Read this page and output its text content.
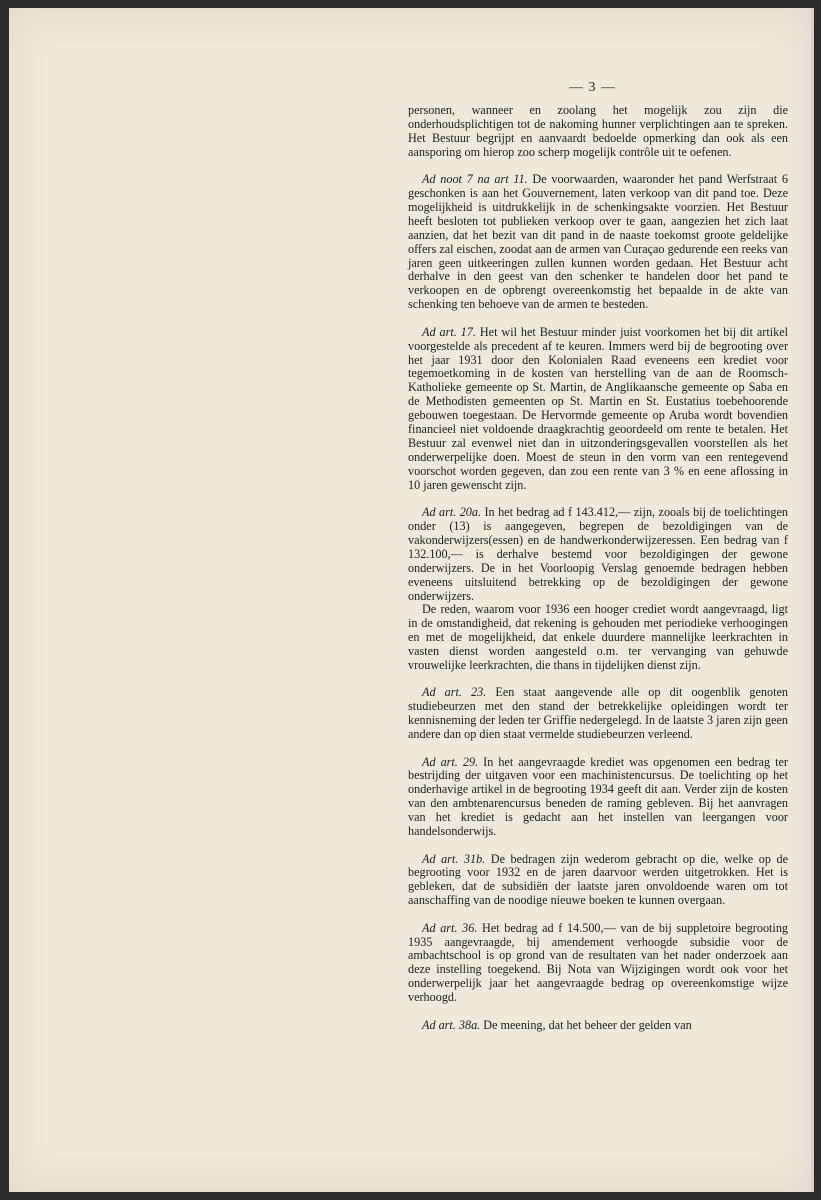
— 3 —

personen, wanneer en zoolang het mogelijk zou zijn die onderhoudsplichtigen tot de nakoming hunner verplichtingen aan te spreken. Het Bestuur begrijpt en aanvaardt bedoelde opmerking dan ook als een aansporing om hierop zoo scherp mogelijk contrôle uit te oefenen.

Ad noot 7 na art 11. De voorwaarden, waaronder het pand Werfstraat 6 geschonken is aan het Gouvernement, laten verkoop van dit pand toe. Deze mogelijkheid is uitdrukkelijk in de schenkingsakte voorzien. Het Bestuur heeft besloten tot publieken verkoop over te gaan, aangezien het zich laat aanzien, dat het bezit van dit pand in de naaste toekomst groote geldelijke offers zal eischen, zoodat aan de armen van Curaçao gedurende een reeks van jaren geen uitkeeringen zullen kunnen worden gedaan. Het Bestuur acht derhalve in den geest van den schenker te handelen door het pand te verkoopen en de opbrengt overeenkomstig het bepaalde in de akte van schenking ten behoeve van de armen te besteden.

Ad art. 17. Het wil het Bestuur minder juist voorkomen het bij dit artikel voorgestelde als precedent af te keuren. Immers werd bij de begrooting over het jaar 1931 door den Kolonialen Raad eveneens een krediet voor tegemoetkoming in de kosten van herstelling van de aan de Roomsch-Katholieke gemeente op St. Martin, de Anglikaansche gemeente op Saba en de Methodisten gemeenten op St. Martin en St. Eustatius toebehoorende gebouwen toegestaan. De Hervormde gemeente op Aruba wordt bovendien financieel niet voldoende draagkrachtig geoordeeld om rente te betalen. Het Bestuur zal evenwel niet dan in uitzonderingsgevallen voorstellen als het onderwerpelijke doen. Moest de steun in den vorm van een rentegevend voorschot worden gegeven, dan zou een rente van 3 % en eene aflossing in 10 jaren gewenscht zijn.

Ad art. 20a. In het bedrag ad f 143.412,— zijn, zooals bij de toelichtingen onder (13) is aangegeven, begrepen de bezoldigingen van de vakonderwijzers(essen) en de handwerkonderwijzeressen. Een bedrag van f 132.100,— is derhalve bestemd voor bezoldigingen der gewone onderwijzers. De in het Voorloopig Verslag genoemde bedragen hebben eveneens uitsluitend betrekking op de bezoldigingen der gewone onderwijzers.

De reden, waarom voor 1936 een hooger crediet wordt aangevraagd, ligt in de omstandigheid, dat rekening is gehouden met periodieke verhoogingen en met de mogelijkheid, dat enkele duurdere mannelijke leerkrachten in vasten dienst worden aangesteld o.m. ter vervanging van gehuwde vrouwelijke leerkrachten, die thans in tijdelijken dienst zijn.

Ad art. 23. Een staat aangevende alle op dit oogenblik genoten studiebeurzen met den stand der betrekkelijke opleidingen wordt ter kennisneming der leden ter Griffie nedergelegd. In de laatste 3 jaren zijn geen andere dan op dien staat vermelde studiebeurzen verleend.

Ad art. 29. In het aangevraagde krediet was opgenomen een bedrag ter bestrijding der uitgaven voor een machinistencursus. De toelichting op het onderhavige artikel in de begrooting 1934 geeft dit aan. Verder zijn de kosten van den ambtenarencursus beneden de raming gebleven. Bij het aanvragen van het krediet is gedacht aan het instellen van leergangen voor handelsonderwijs.

Ad art. 31b. De bedragen zijn wederom gebracht op die, welke op de begrooting voor 1932 en de jaren daarvoor werden uitgetrokken. Het is gebleken, dat de subsidiën der laatste jaren onvoldoende waren om tot aanschaffing van de noodige nieuwe boeken te kunnen overgaan.

Ad art. 36. Het bedrag ad f 14.500,— van de bij suppletoire begrooting 1935 aangevraagde, bij amendement verhoogde subsidie voor de ambachtschool is op grond van de resultaten van het nader onderzoek aan deze instelling toegekend. Bij Nota van Wijzigingen wordt ook voor het onderwerpelijk jaar het aangevraagde bedrag op overeenkomstige wijze verhoogd.

Ad art. 38a. De meening, dat het beheer der gelden van
